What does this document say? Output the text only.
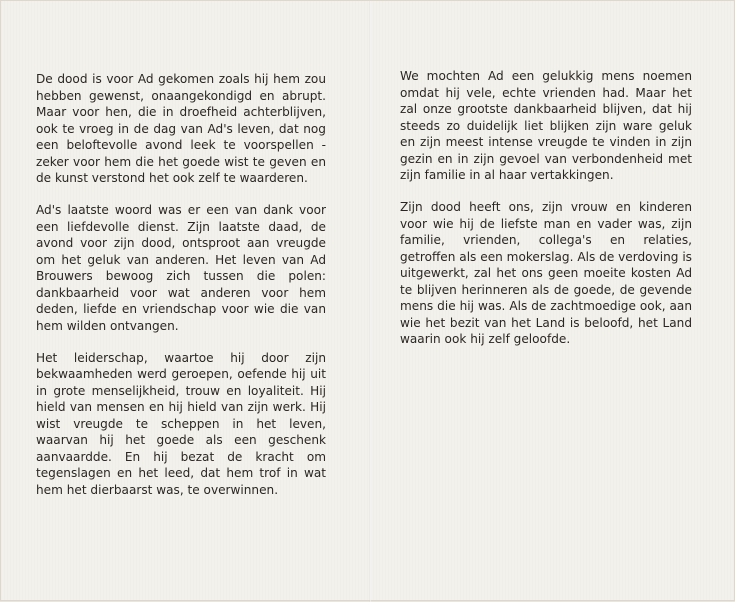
De dood is voor Ad gekomen zoals hij hem zou hebben gewenst, onaangekondigd en abrupt. Maar voor hen, die in droefheid achterblijven, ook te vroeg in de dag van Ad's leven, dat nog een beloftevolle avond leek te voorspellen - zeker voor hem die het goede wist te geven en de kunst verstond het ook zelf te waarderen.

Ad's laatste woord was er een van dank voor een liefdevolle dienst. Zijn laatste daad, de avond voor zijn dood, ontsproot aan vreugde om het geluk van anderen. Het leven van Ad Brouwers bewoog zich tussen die polen: dankbaarheid voor wat anderen voor hem deden, liefde en vriendschap voor wie die van hem wilden ontvangen.

Het leiderschap, waartoe hij door zijn bekwaamheden werd geroepen, oefende hij uit in grote menselijkheid, trouw en loyaliteit. Hij hield van mensen en hij hield van zijn werk. Hij wist vreugde te scheppen in het leven, waarvan hij het goede als een geschenk aanvaardde. En hij bezat de kracht om tegenslagen en het leed, dat hem trof in wat hem het dierbaarst was, te overwinnen.

We mochten Ad een gelukkig mens noemen omdat hij vele, echte vrienden had. Maar het zal onze grootste dankbaarheid blijven, dat hij steeds zo duidelijk liet blijken zijn ware geluk en zijn meest intense vreugde te vinden in zijn gezin en in zijn gevoel van verbondenheid met zijn familie in al haar vertakkingen.

Zijn dood heeft ons, zijn vrouw en kinderen voor wie hij de liefste man en vader was, zijn familie, vrienden, collega's en relaties, getroffen als een mokerslag. Als de verdoving is uitgewerkt, zal het ons geen moeite kosten Ad te blijven herinneren als de goede, de gevende mens die hij was. Als de zachtmoedige ook, aan wie het bezit van het Land is beloofd, het Land waarin ook hij zelf geloofde.
